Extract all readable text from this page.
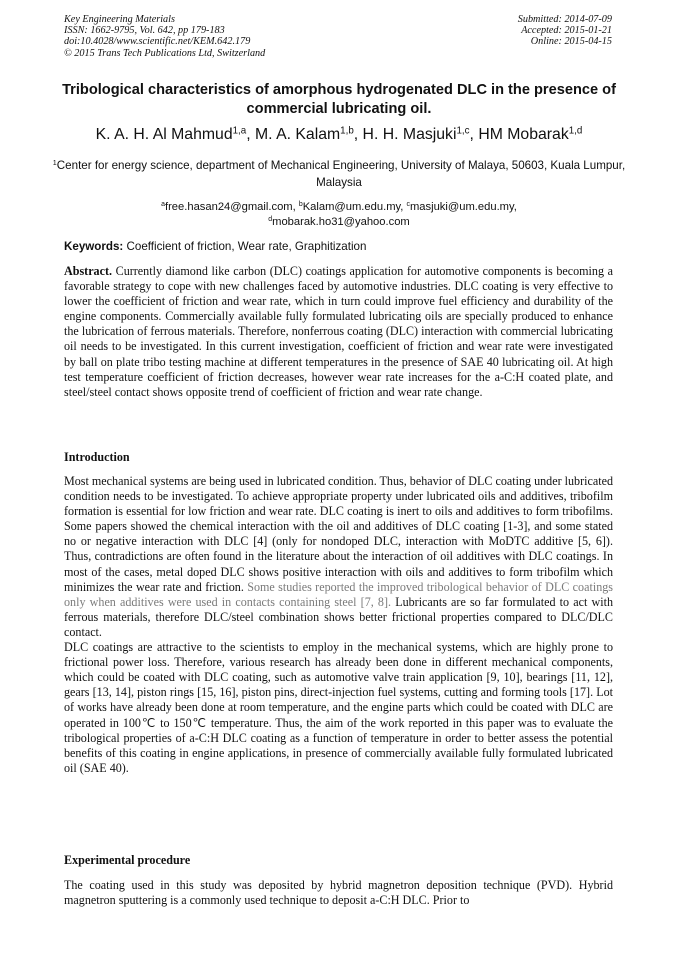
Key Engineering Materials
ISSN: 1662-9795, Vol. 642, pp 179-183
doi:10.4028/www.scientific.net/KEM.642.179
© 2015 Trans Tech Publications Ltd, Switzerland
Submitted: 2014-07-09
Accepted: 2015-01-21
Online: 2015-04-15
Tribological characteristics of amorphous hydrogenated DLC in the presence of commercial lubricating oil.
K. A. H. Al Mahmud$^{1,a}$, M. A. Kalam$^{1,b}$, H. H. Masjuki$^{1,c}$, HM Mobarak$^{1,d}$
$^1$Center for energy science, department of Mechanical Engineering, University of Malaya, 50603, Kuala Lumpur, Malaysia
$^a$free.hasan24@gmail.com, $^b$Kalam@um.edu.my, $^c$masjuki@um.edu.my,
$^d$mobarak.ho31@yahoo.com
Keywords: Coefficient of friction, Wear rate, Graphitization
Abstract. Currently diamond like carbon (DLC) coatings application for automotive components is becoming a favorable strategy to cope with new challenges faced by automotive industries. DLC coating is very effective to lower the coefficient of friction and wear rate, which in turn could improve fuel efficiency and durability of the engine components. Commercially available fully formulated lubricating oils are specially produced to enhance the lubrication of ferrous materials. Therefore, nonferrous coating (DLC) interaction with commercial lubricating oil needs to be investigated. In this current investigation, coefficient of friction and wear rate were investigated by ball on plate tribo testing machine at different temperatures in the presence of SAE 40 lubricating oil. At high test temperature coefficient of friction decreases, however wear rate increases for the a-C:H coated plate, and steel/steel contact shows opposite trend of coefficient of friction and wear rate change.
Introduction
Most mechanical systems are being used in lubricated condition. Thus, behavior of DLC coating under lubricated condition needs to be investigated. To achieve appropriate property under lubricated oils and additives, tribofilm formation is essential for low friction and wear rate. DLC coating is inert to oils and additives to form tribofilms. Some papers showed the chemical interaction with the oil and additives of DLC coating [1-3], and some stated no or negative interaction with DLC [4] (only for nondoped DLC, interaction with MoDTC additive [5, 6]). Thus, contradictions are often found in the literature about the interaction of oil additives with DLC coatings. In most of the cases, metal doped DLC shows positive interaction with oils and additives to form tribofilm which minimizes the wear rate and friction. Some studies reported the improved tribological behavior of DLC coatings only when additives were used in contacts containing steel [7, 8]. Lubricants are so far formulated to act with ferrous materials, therefore DLC/steel combination shows better frictional properties compared to DLC/DLC contact.
DLC coatings are attractive to the scientists to employ in the mechanical systems, which are highly prone to frictional power loss. Therefore, various research has already been done in different mechanical components, which could be coated with DLC coating, such as automotive valve train application [9, 10], bearings [11, 12], gears [13, 14], piston rings [15, 16], piston pins, direct-injection fuel systems, cutting and forming tools [17]. Lot of works have already been done at room temperature, and the engine parts which could be coated with DLC are operated in 100℃ to 150℃ temperature. Thus, the aim of the work reported in this paper was to evaluate the tribological properties of a-C:H DLC coating as a function of temperature in order to better assess the potential benefits of this coating in engine applications, in presence of commercially available fully formulated lubricated oil (SAE 40).
Experimental procedure
The coating used in this study was deposited by hybrid magnetron deposition technique (PVD). Hybrid magnetron sputtering is a commonly used technique to deposit a-C:H DLC. Prior to
